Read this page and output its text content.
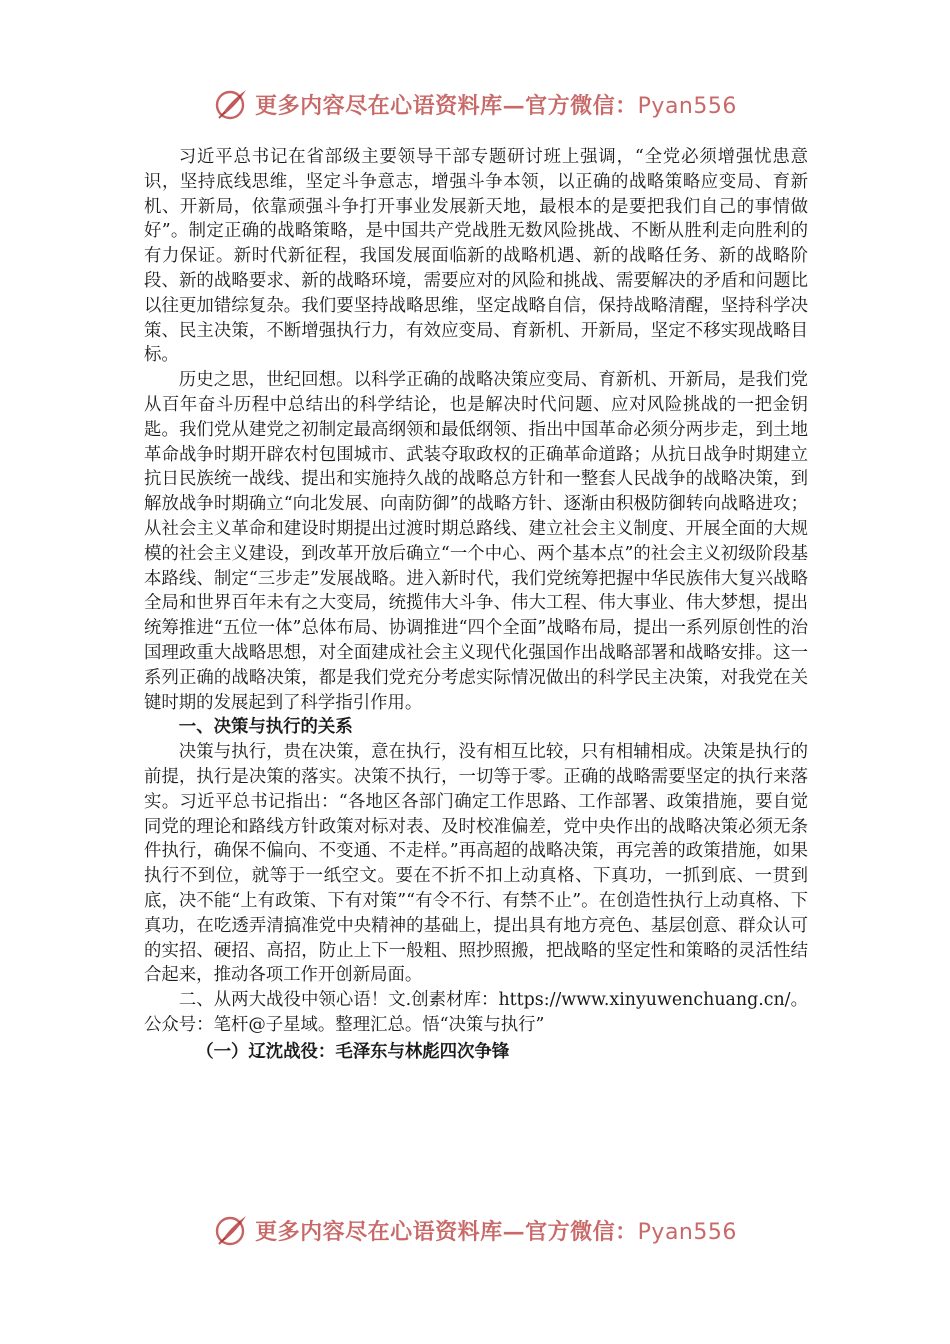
更多内容尽在心语资料库—官方微信：Pyan556

习近平总书记在省部级主要领导干部专题研讨班上强调，“全党必须增强忧患意识，坚持底线思维，坚定斗争意志，增强斗争本领，以正确的战略策略应变局、育新机、开新局，依靠顽强斗争打开事业发展新天地，最根本的是要把我们自己的事情做好”。制定正确的战略策略，是中国共产党战胜无数风险挑战、不断从胜利走向胜利的有力保证。新时代新征程，我国发展面临新的战略机遇、新的战略任务、新的战略阶段、新的战略要求、新的战略环境，需要应对的风险和挑战、需要解决的矛盾和问题比以往更加错综复杂。我们要坚持战略思维，坚定战略自信，保持战略清醒，坚持科学决策、民主决策，不断增强执行力，有效应变局、育新机、开新局，坚定不移实现战略目标。

历史之思，世纪回想。以科学正确的战略决策应变局、育新机、开新局，是我们党从百年奋斗历程中总结出的科学结论，也是解决时代问题、应对风险挑战的一把金钥匙。我们党从建党之初制定最高纲领和最低纲领、指出中国革命必须分两步走，到土地革命战争时期开辟农村包围城市、武装夺取政权的正确革命道路；从抗日战争时期建立抗日民族统一战线、提出和实施持久战的战略总方针和一整套人民战争的战略决策，到解放战争时期确立“向北发展、向南防御”的战略方针、逐渐由积极防御转向战略进攻；从社会主义革命和建设时期提出过渡时期总路线、建立社会主义制度、开展全面的大规模的社会主义建设，到改革开放后确立“一个中心、两个基本点”的社会主义初级阶段基本路线、制定“三步走”发展战略。进入新时代，我们党统筹把握中华民族伟大复兴战略全局和世界百年未有之大变局，统揽伟大斗争、伟大工程、伟大事业、伟大梦想，提出统筹推进“五位一体”总体布局、协调推进“四个全面”战略布局，提出一系列原创性的治国理政重大战略思想，对全面建成社会主义现代化强国作出战略部署和战略安排。这一系列正确的战略决策，都是我们党充分考虑实际情况做出的科学民主决策，对我党在关键时期的发展起到了科学指引作用。

一、决策与执行的关系

决策与执行，贵在决策，意在执行，没有相互比较，只有相辅相成。决策是执行的前提，执行是决策的落实。决策不执行，一切等于零。正确的战略需要坚定的执行来落实。习近平总书记指出：“各地区各部门确定工作思路、工作部署、政策措施，要自觉同党的理论和路线方针政策对标对表、及时校准偏差，党中央作出的战略决策必须无条件执行，确保不偏向、不变通、不走样。”再高超的战略决策，再完善的政策措施，如果执行不到位，就等于一纸空文。要在不折不扣上动真格、下真功，一抓到底、一贯到底，决不能“上有政策、下有对策”“有令不行、有禁不止”。在创造性执行上动真格、下真功，在吃透弄清搞准党中央精神的基础上，提出具有地方亮色、基层创意、群众认可的实招、硬招、高招，防止上下一般粗、照抄照搬，把战略的坚定性和策略的灵活性结合起来，推动各项工作开创新局面。

二、从两大战役中领心语！文.创素材库：https://www.xinyuwenchuang.cn/。公众号：笔杆@子星域。整理汇总。悟“决策与执行”

（一）辽沈战役：毛泽东与林彪四次争锋

更多内容尽在心语资料库—官方微信：Pyan556
